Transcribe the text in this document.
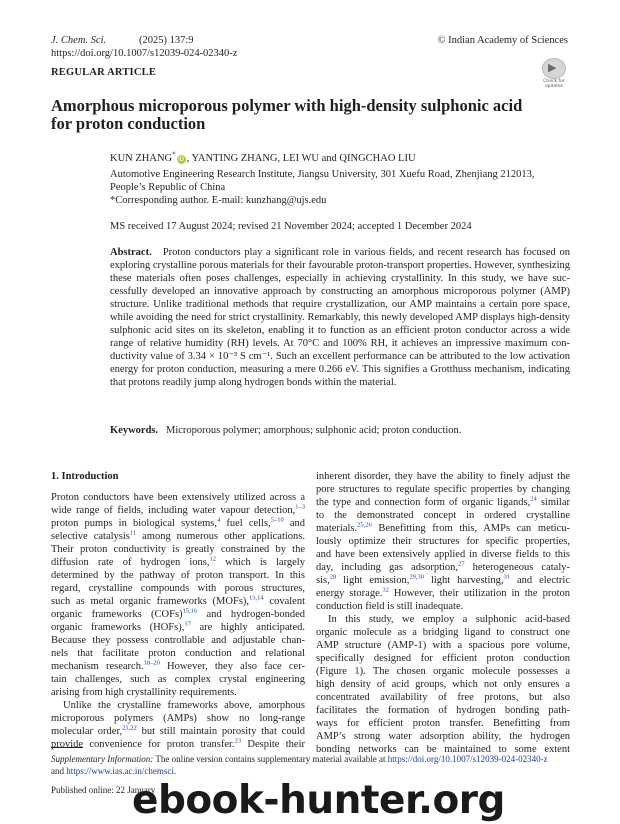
J. Chem. Sci.	(2025) 137:9
https://doi.org/10.1007/s12039-024-02340-z
© Indian Academy of Sciences
REGULAR ARTICLE	▶
Check for
updates
Amorphous microporous polymer with high-density sulphonic acid
for proton conduction
KUN ZHANG*iD , YANTING ZHANG, LEI WU and QINGCHAO LIU
Automotive Engineering Research Institute, Jiangsu University, 301 Xuefu Road, Zhenjiang 212013,
People’s Republic of China
*Corresponding author. E-mail: kunzhang@ujs.edu
MS received 17 August 2024; revised 21 November 2024; accepted 1 December 2024
Abstract. Proton conductors play a significant role in various fields, and recent research has focused on
exploring crystalline porous materials for their favourable proton-transport properties. However, synthesizing
these materials often poses challenges, especially in achieving crystallinity. In this study, we have suc-
cessfully developed an innovative approach by constructing an amorphous microporous polymer (AMP)
structure. Unlike traditional methods that require crystallization, our AMP maintains a certain pore space,
while avoiding the need for strict crystallinity. Remarkably, this newly developed AMP displays high-density
sulphonic acid sites on its skeleton, enabling it to function as an efficient proton conductor across a wide
range of relative humidity (RH) levels. At 70°C and 100% RH, it achieves an impressive maximum con-
ductivity value of 3.34 × 10⁻³ S cm⁻¹. Such an excellent performance can be attributed to the low activation
energy for proton conduction, measuring a mere 0.266 eV. This signifies a Grotthuss mechanism, indicating
that protons readily jump along hydrogen bonds within the material.
Keywords. Microporous polymer; amorphous; sulphonic acid; proton conduction.
1. Introduction
Proton conductors have been extensively utilized across a
wide range of fields, including water vapour detection,$^{1-3}$
proton pumps in biological systems,$^4$ fuel cells,$^{5-10}$ and
selective catalysis$^{11}$ among numerous other applications.
Their proton conductivity is greatly constrained by the
diffusion rate of hydrogen ions,$^{12}$ which is largely
determined by the pathway of proton transport. In this
regard, crystalline compounds with porous structures,
such as metal organic frameworks (MOFs),$^{13,14}$ covalent
organic frameworks (COFs)$^{15,16}$ and hydrogen-bonded
organic frameworks (HOFs),$^{17}$ are highly anticipated.
Because they possess controllable and adjustable chan-
nels that facilitate proton conduction and relational
mechanism research.$^{18-20}$ However, they also face cer-
tain challenges, such as complex crystal engineering
arising from high crystallinity requirements.
Unlike the crystalline frameworks above, amorphous
microporous polymers (AMPs) show no long-range
molecular order,$^{21,22}$ but still maintain porosity that could
provide convenience for proton transfer.$^{23}$ Despite their
inherent disorder, they have the ability to finely adjust the
pore structures to regulate specific properties by changing
the type and connection form of organic ligands,$^{24}$ similar
to the demonstrated concept in ordered crystalline
materials.$^{25,26}$ Benefitting from this, AMPs can meticu-
lously optimize their structures for specific properties,
and have been extensively applied in diverse fields to this
day, including gas adsorption,$^{27}$ heterogeneous cataly-
sis,$^{28}$ light emission,$^{29,30}$ light harvesting,$^{31}$ and electric
energy storage.$^{32}$ However, their utilization in the proton
conduction field is still inadequate.
In this study, we employ a sulphonic acid-based
organic molecule as a bridging ligand to construct one
AMP structure (AMP-1) with a spacious pore volume,
specifically designed for efficient proton conduction
(Figure 1). The chosen organic molecule possesses a
high density of acid groups, which not only ensures a
concentrated availability of free protons, but also
facilitates the formation of hydrogen bonding path-
ways for efficient proton transfer. Benefitting from
AMP’s strong water adsorption ability, the hydrogen
bonding networks can be maintained to some extent
Supplementary Information: The online version contains supplementary material available at https://doi.org/10.1007/s12039-024-02340-z
and https://www.ias.ac.in/chemsci.
Published online: 22 January
ebook-hunter.org
